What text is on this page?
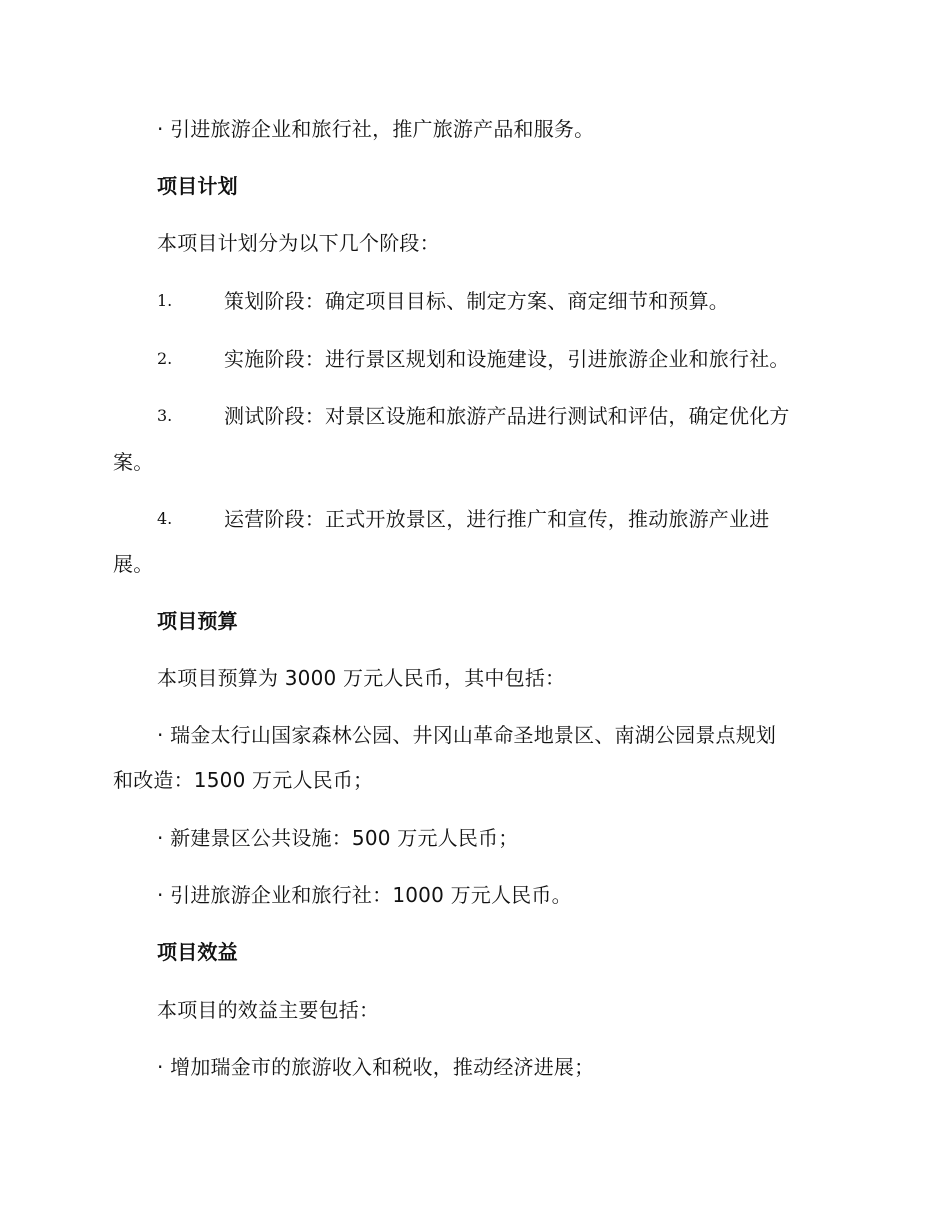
· 引进旅游企业和旅行社，推广旅游产品和服务。
项目计划
本项目计划分为以下几个阶段：
1.	策划阶段：确定项目目标、制定方案、商定细节和预算。
2.	实施阶段：进行景区规划和设施建设，引进旅游企业和旅行社。
3.	测试阶段：对景区设施和旅游产品进行测试和评估，确定优化方
案。
4.	运营阶段：正式开放景区，进行推广和宣传，推动旅游产业进
展。
项目预算
本项目预算为 3000 万元人民币，其中包括：
· 瑞金太行山国家森林公园、井冈山革命圣地景区、南湖公园景点规划
和改造：1500 万元人民币；
· 新建景区公共设施：500 万元人民币；
· 引进旅游企业和旅行社：1000 万元人民币。
项目效益
本项目的效益主要包括：
· 增加瑞金市的旅游收入和税收，推动经济进展；
